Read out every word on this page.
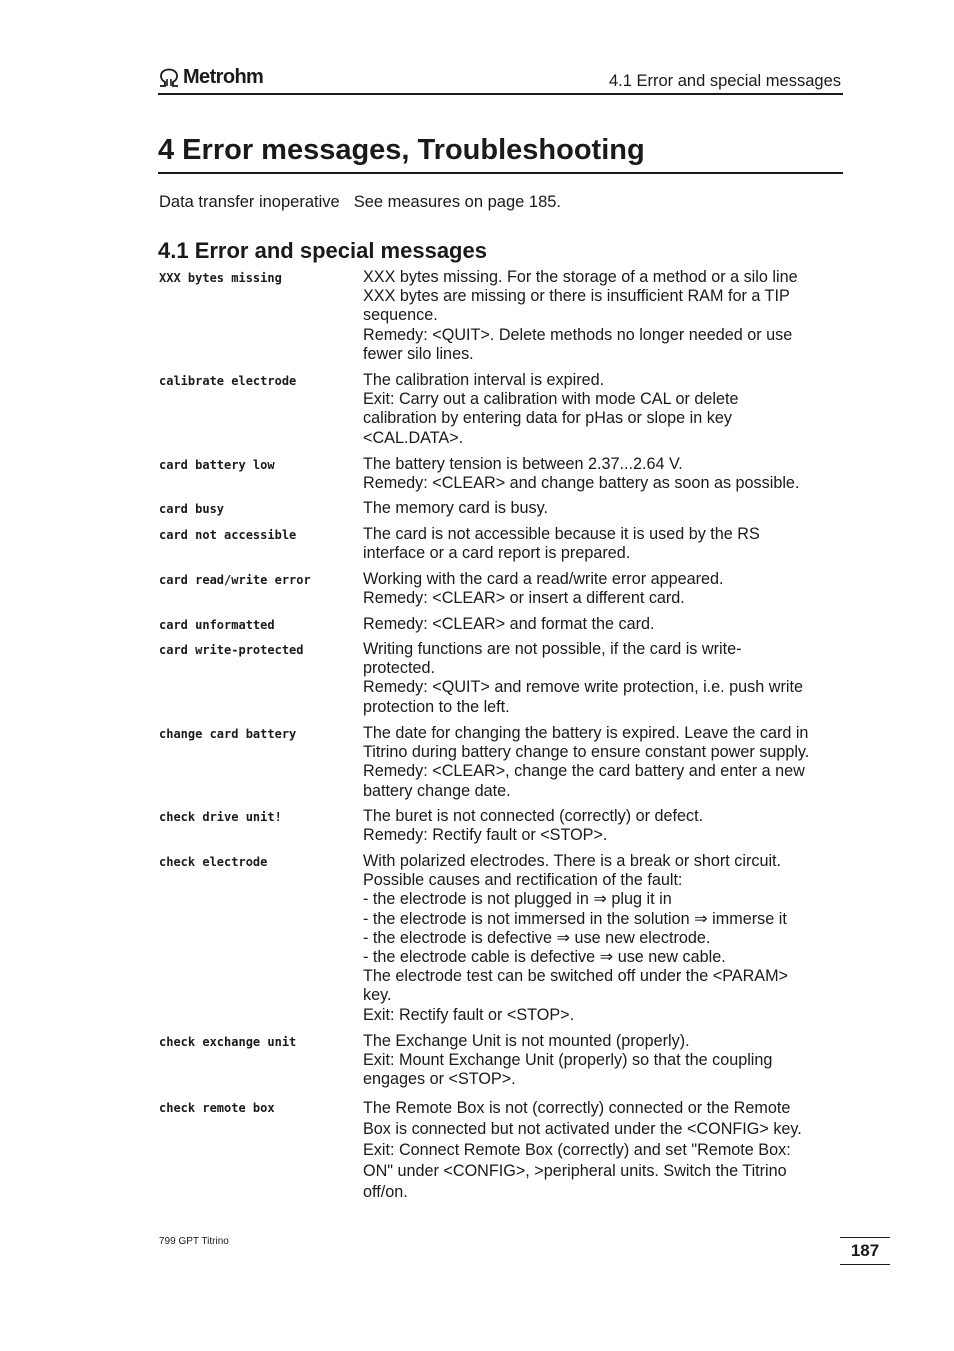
Metrohm	4.1 Error and special messages
4 Error messages, Troubleshooting
Data transfer inoperative See measures on page 185.
4.1 Error and special messages
XXX bytes missing	XXX bytes missing. For the storage of a method or a silo line
XXX bytes are missing or there is insufficient RAM for a TIP
sequence.
Remedy: <QUIT>. Delete methods no longer needed or use
fewer silo lines.
calibrate electrode	The calibration interval is expired.
Exit: Carry out a calibration with mode CAL or delete
calibration by entering data for pHas or slope in key
<CAL.DATA>.
card battery low	The battery tension is between 2.37...2.64 V.
Remedy: <CLEAR> and change battery as soon as possible.
card busy	The memory card is busy.
card not accessible	The card is not accessible because it is used by the RS
interface or a card report is prepared.
card read/write error	Working with the card a read/write error appeared.
Remedy: <CLEAR> or insert a different card.
card unformatted	Remedy: <CLEAR> and format the card.
card write-protected	Writing functions are not possible, if the card is write-
protected.
Remedy: <QUIT> and remove write protection, i.e. push write
protection to the left.
change card battery	The date for changing the battery is expired. Leave the card in
Titrino during battery change to ensure constant power supply.
Remedy: <CLEAR>, change the card battery and enter a new
battery change date.
check drive unit!	The buret is not connected (correctly) or defect.
Remedy: Rectify fault or <STOP>.
check electrode	With polarized electrodes. There is a break or short circuit.
Possible causes and rectification of the fault:
- the electrode is not plugged in ⇒ plug it in
- the electrode is not immersed in the solution ⇒ immerse it
- the electrode is defective ⇒ use new electrode.
- the electrode cable is defective ⇒ use new cable.
The electrode test can be switched off under the <PARAM>
key.
Exit: Rectify fault or <STOP>.
check exchange unit	The Exchange Unit is not mounted (properly).
Exit: Mount Exchange Unit (properly) so that the coupling
engages or <STOP>.
check remote box	The Remote Box is not (correctly) connected or the Remote
Box is connected but not activated under the <CONFIG> key.
Exit: Connect Remote Box (correctly) and set "Remote Box:
ON" under <CONFIG>, >peripheral units. Switch the Titrino
off/on.
799 GPT Titrino	187
